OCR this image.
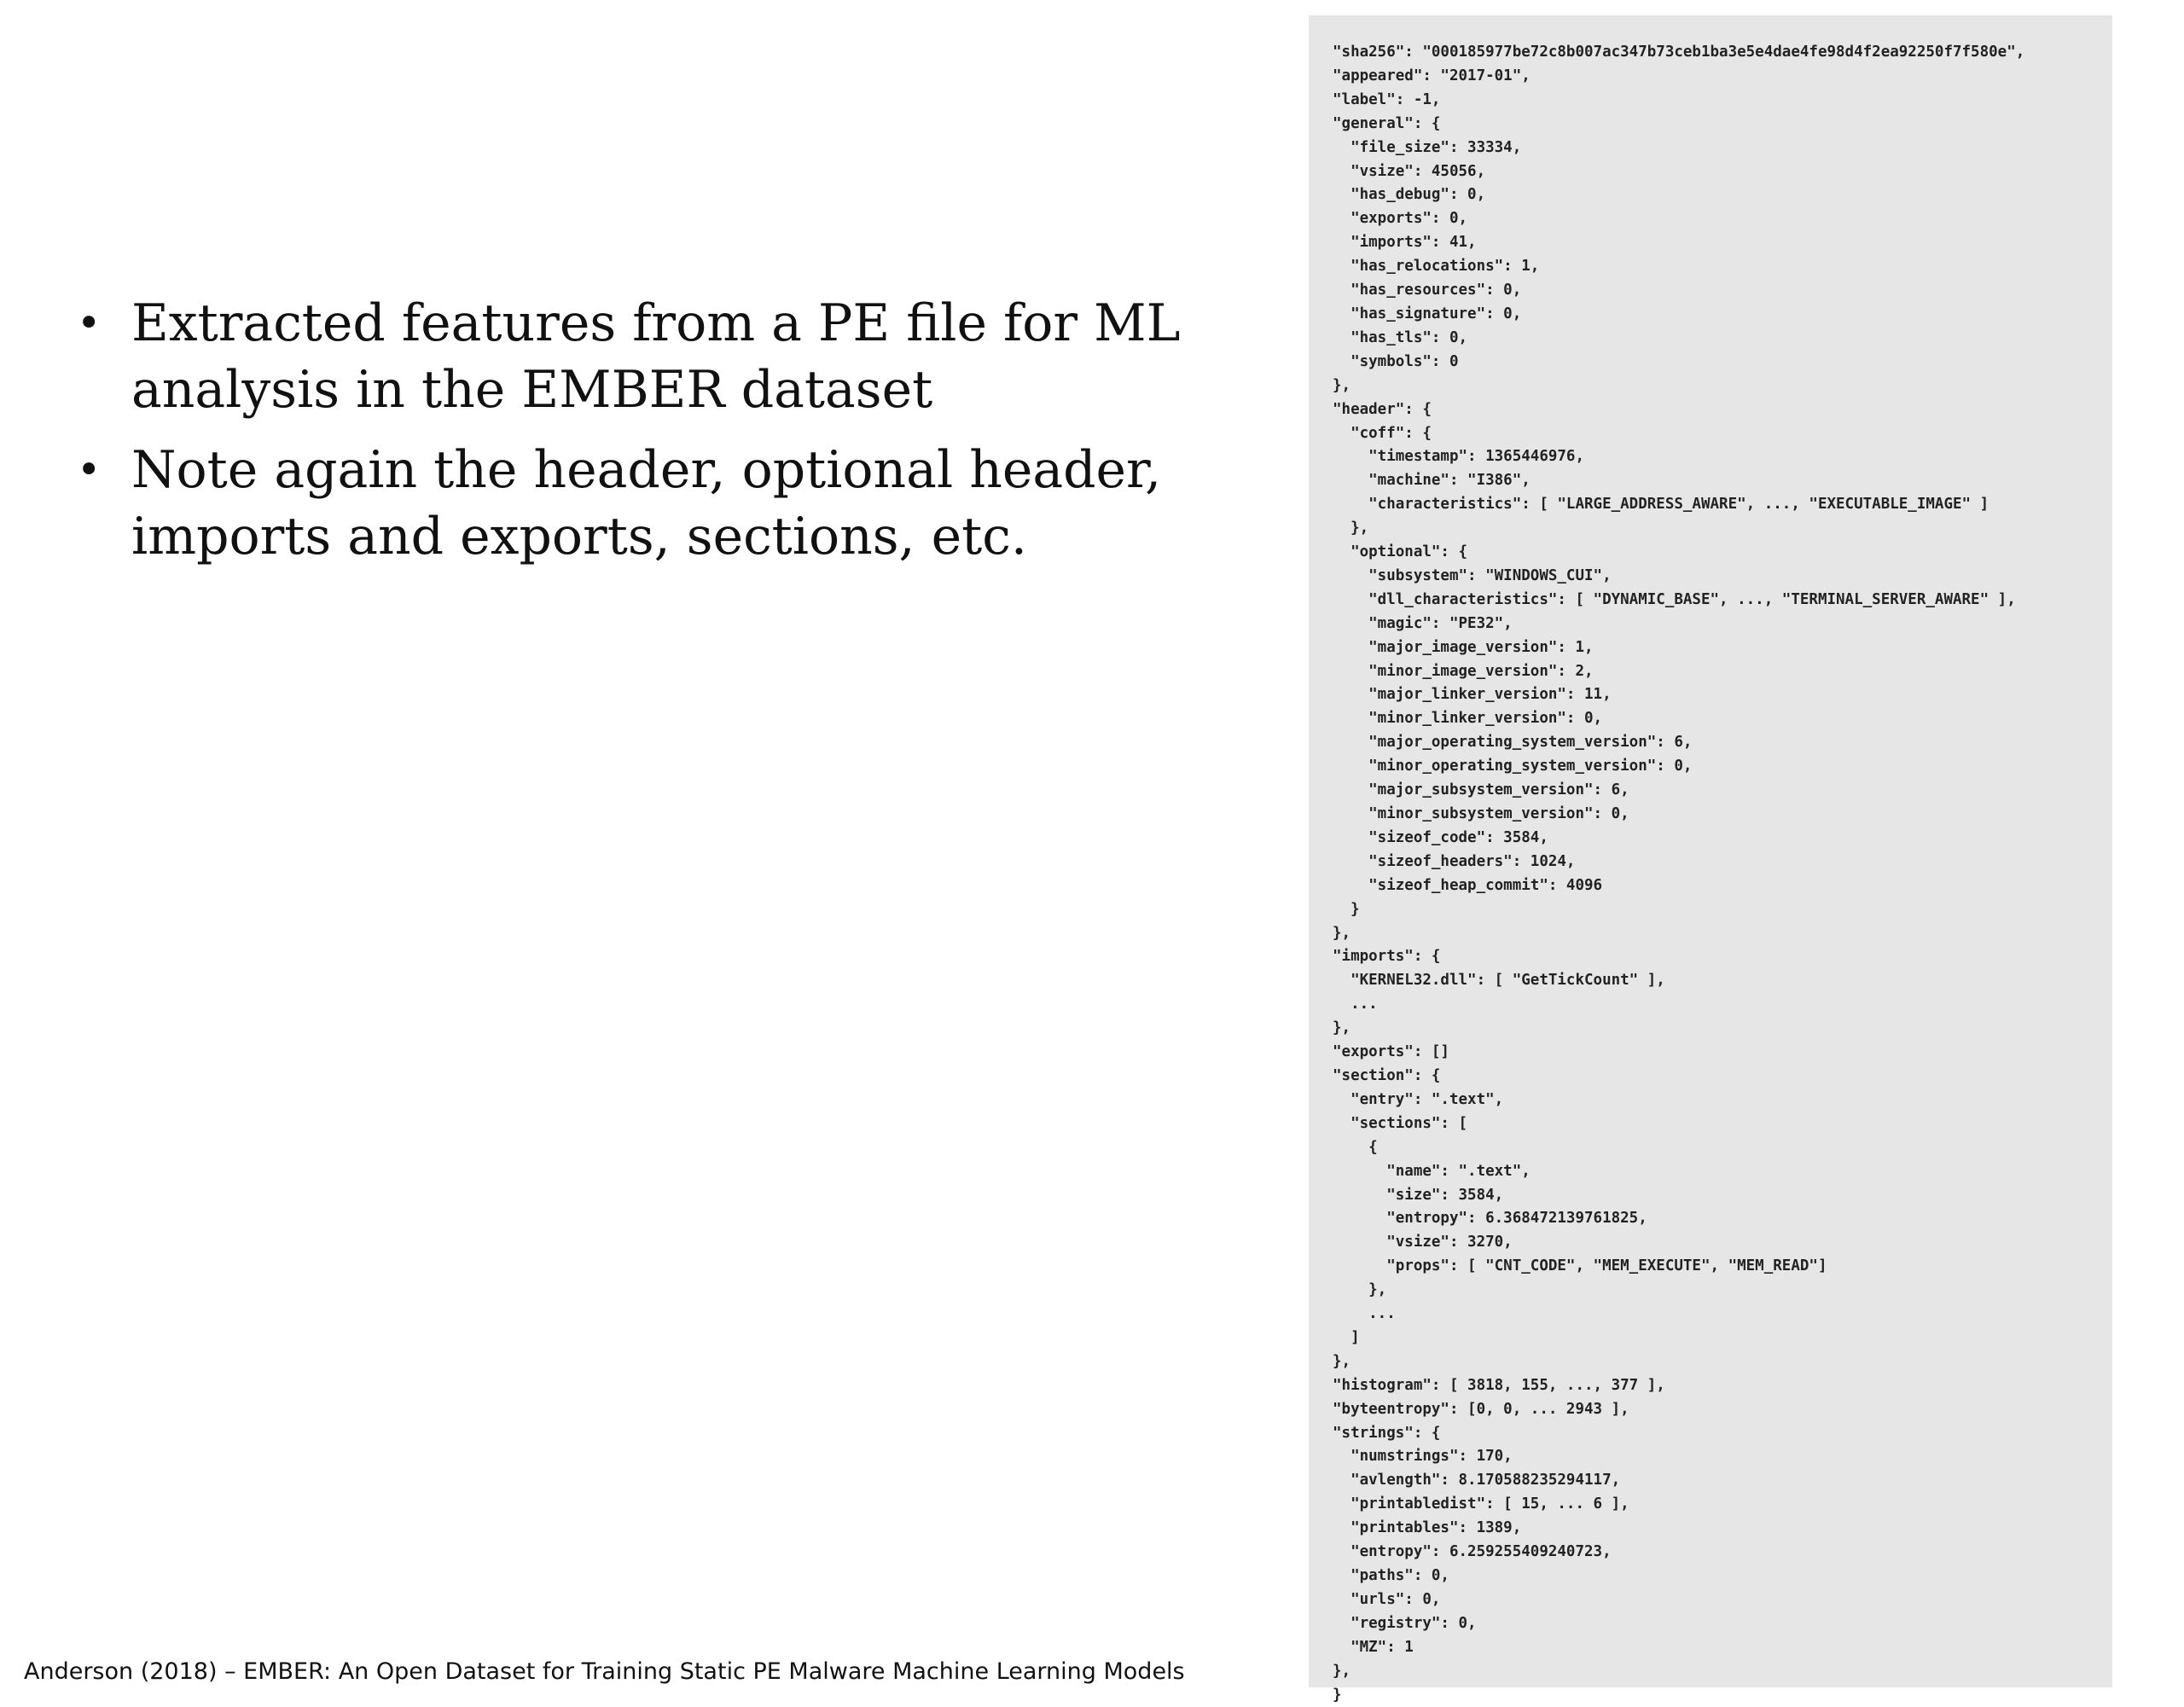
• Extracted features from a PE file for ML analysis in the EMBER dataset
• Note again the header, optional header, imports and exports, sections, etc.
"sha256": "000185977be72c8b007ac347b73ceb1ba3e5e4dae4fe98d4f2ea92250f7f580e",
"appeared": "2017-01",
"label": -1,
"general": {
"file_size": 33334,
"vsize": 45056,
"has_debug": 0,
"exports": 0,
"imports": 41,
"has_relocations": 1,
"has_resources": 0,
"has_signature": 0,
"has_tls": 0,
"symbols": 0
},
"header": {
"coff": {
"timestamp": 1365446976,
"machine": "I386",
"characteristics": [ "LARGE_ADDRESS_AWARE", ..., "EXECUTABLE_IMAGE" ]
},
"optional": {
"subsystem": "WINDOWS_CUI",
"dll_characteristics": [ "DYNAMIC_BASE", ..., "TERMINAL_SERVER_AWARE" ],
"magic": "PE32",
"major_image_version": 1,
"minor_image_version": 2,
"major_linker_version": 11,
"minor_linker_version": 0,
"major_operating_system_version": 6,
"minor_operating_system_version": 0,
"major_subsystem_version": 6,
"minor_subsystem_version": 0,
"sizeof_code": 3584,
"sizeof_headers": 1024,
"sizeof_heap_commit": 4096
}
},
"imports": {
"KERNEL32.dll": [ "GetTickCount" ],
...
},
"exports": []
"section": {
"entry": ".text",
"sections": [
{
"name": ".text",
"size": 3584,
"entropy": 6.368472139761825,
"vsize": 3270,
"props": [ "CNT_CODE", "MEM_EXECUTE", "MEM_READ"]
},
...
]
},
"histogram": [ 3818, 155, ..., 377 ],
"byteentropy": [0, 0, ... 2943 ],
"strings": {
"numstrings": 170,
"avlength": 8.170588235294117,
"printabledist": [ 15, ... 6 ],
"printables": 1389,
"entropy": 6.259255409240723,
"paths": 0,
"urls": 0,
"registry": 0,
"MZ": 1
},
}

Anderson (2018) – EMBER: An Open Dataset for Training Static PE Malware Machine Learning Models
